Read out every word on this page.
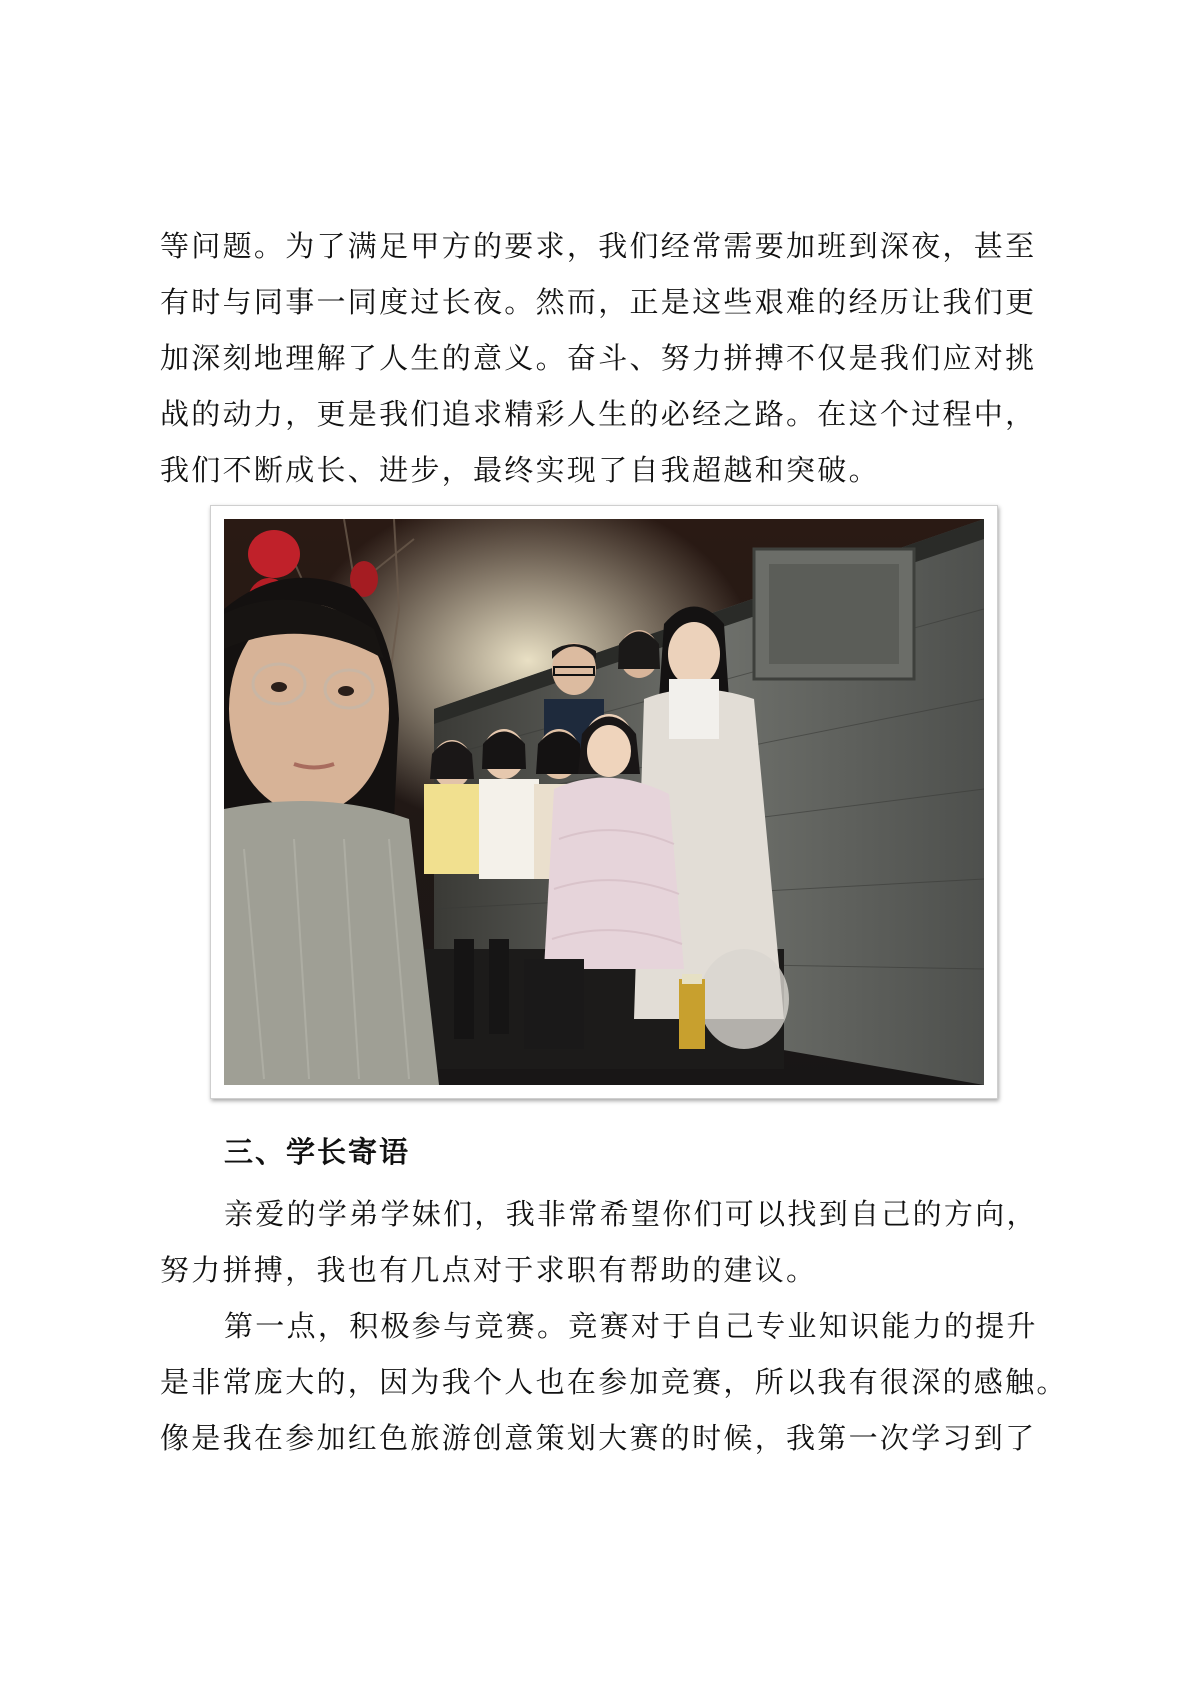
等问题。为了满足甲方的要求，我们经常需要加班到深夜，甚至
有时与同事一同度过长夜。然而，正是这些艰难的经历让我们更
加深刻地理解了人生的意义。奋斗、努力拼搏不仅是我们应对挑
战的动力，更是我们追求精彩人生的必经之路。在这个过程中，
我们不断成长、进步，最终实现了自我超越和突破。
三、学长寄语
亲爱的学弟学妹们，我非常希望你们可以找到自己的方向，
努力拼搏，我也有几点对于求职有帮助的建议。
第一点，积极参与竞赛。竞赛对于自己专业知识能力的提升
是非常庞大的，因为我个人也在参加竞赛，所以我有很深的感触。
像是我在参加红色旅游创意策划大赛的时候，我第一次学习到了
